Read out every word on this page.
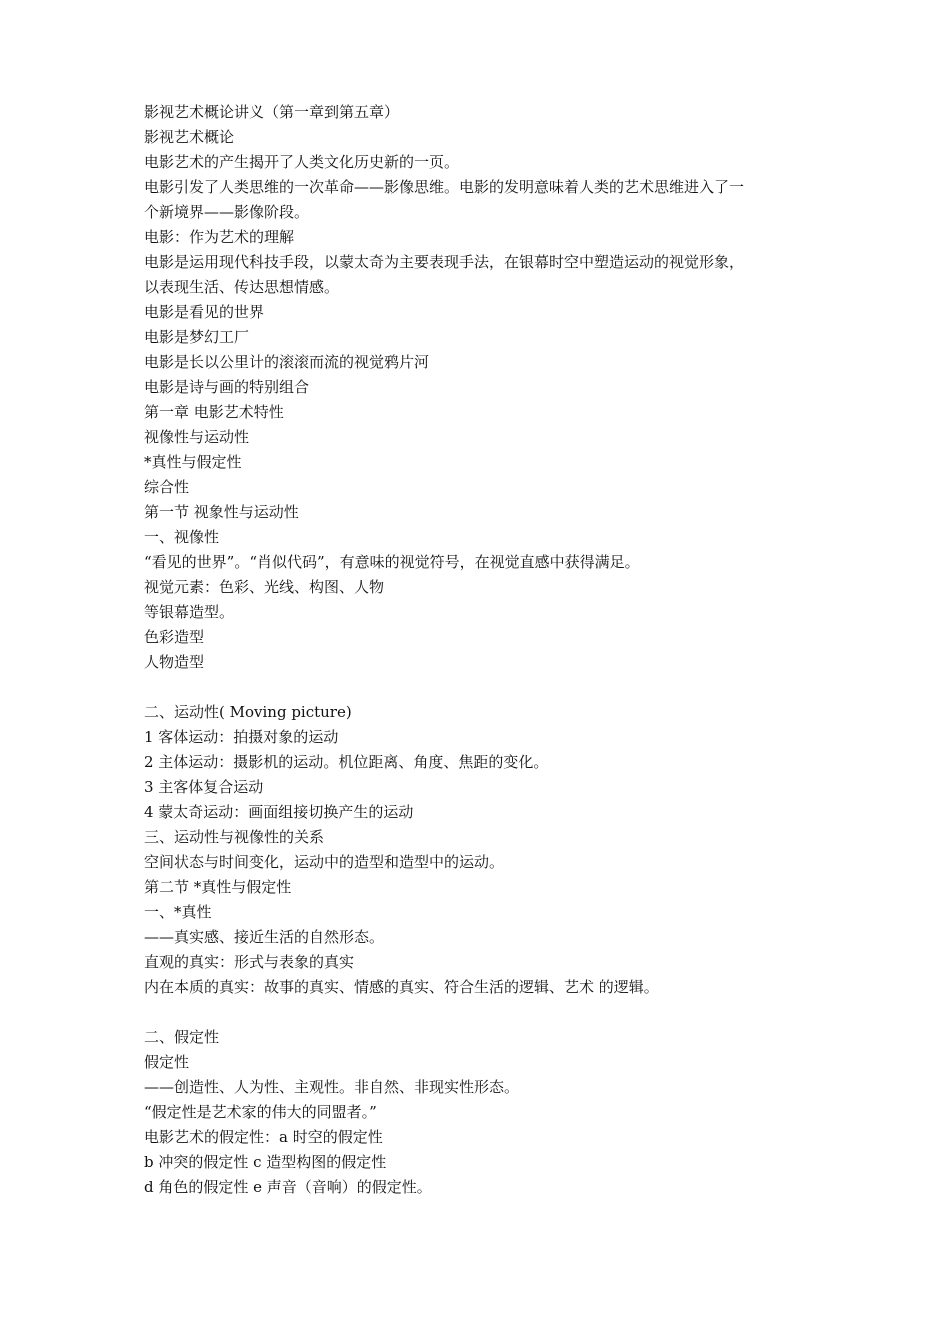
影视艺术概论讲义（第一章到第五章）
影视艺术概论
电影艺术的产生揭开了人类文化历史新的一页。
电影引发了人类思维的一次革命——影像思维。电影的发明意味着人类的艺术思维进入了一
个新境界——影像阶段。
电影：作为艺术的理解
电影是运用现代科技手段，以蒙太奇为主要表现手法，在银幕时空中塑造运动的视觉形象，
以表现生活、传达思想情感。
电影是看见的世界
电影是梦幻工厂
电影是长以公里计的滚滚而流的视觉鸦片河
电影是诗与画的特别组合
第一章 电影艺术特性
视像性与运动性
*真性与假定性
综合性
第一节 视象性与运动性
一、视像性
“看见的世界”。“肖似代码”，有意味的视觉符号，在视觉直感中获得满足。
视觉元素：色彩、光线、构图、人物
等银幕造型。
色彩造型
人物造型
二、运动性( Moving picture)
1 客体运动：拍摄对象的运动
2 主体运动：摄影机的运动。机位距离、角度、焦距的变化。
3 主客体复合运动
4 蒙太奇运动：画面组接切换产生的运动
三、运动性与视像性的关系
空间状态与时间变化，运动中的造型和造型中的运动。
第二节 *真性与假定性
一、*真性
——真实感、接近生活的自然形态。
直观的真实：形式与表象的真实
内在本质的真实：故事的真实、情感的真实、符合生活的逻辑、艺术 的逻辑。
二、假定性
假定性
——创造性、人为性、主观性。非自然、非现实性形态。
“假定性是艺术家的伟大的同盟者。”
电影艺术的假定性：a 时空的假定性
b 冲突的假定性 c 造型构图的假定性
d 角色的假定性 e 声音（音响）的假定性。
